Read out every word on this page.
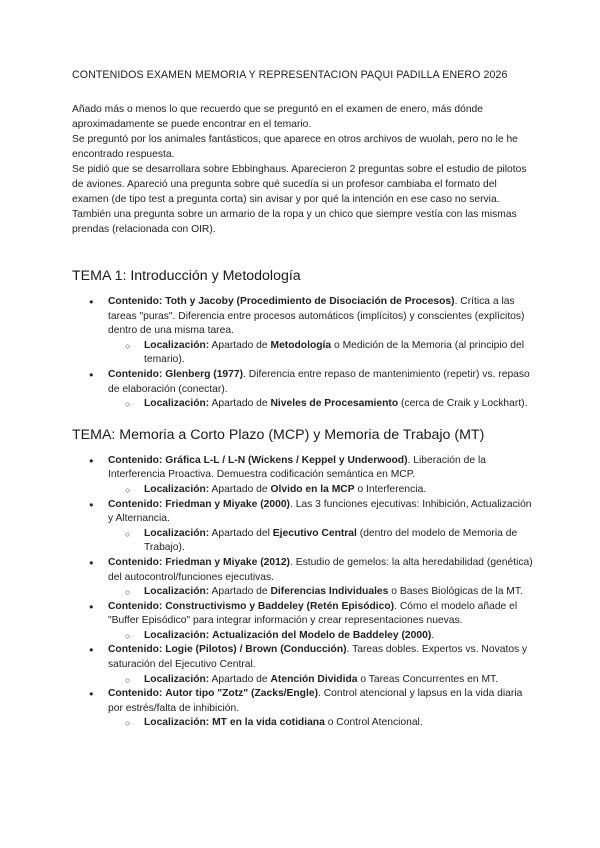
CONTENIDOS EXAMEN MEMORIA Y REPRESENTACION PAQUI PADILLA ENERO 2026

Añado más o menos lo que recuerdo que se preguntó en el examen de enero, más dónde aproximadamente se puede encontrar en el temario.

Se preguntó por los animales fantásticos, que aparece en otros archivos de wuolah, pero no le he encontrado respuesta.

Se pidió que se desarrollara sobre Ebbinghaus. Aparecieron 2 preguntas sobre el estudio de pilotos de aviones. Apareció una pregunta sobre qué sucedía si un profesor cambiaba el formato del examen (de tipo test a pregunta corta) sin avisar y por qué la intención en ese caso no servia. También una pregunta sobre un armario de la ropa y un chico que siempre vestía con las mismas prendas (relacionada con OIR).

TEMA 1: Introducción y Metodología
● Contenido: Toth y Jacoby (Procedimiento de Disociación de Procesos). Crítica a las tareas "puras". Diferencia entre procesos automáticos (implícitos) y conscientes (explícitos) dentro de una misma tarea.
○ Localización: Apartado de Metodología o Medición de la Memoria (al principio del temario).
● Contenido: Glenberg (1977). Diferencia entre repaso de mantenimiento (repetir) vs. repaso de elaboración (conectar).
○ Localización: Apartado de Niveles de Procesamiento (cerca de Craik y Lockhart).
TEMA: Memoria a Corto Plazo (MCP) y Memoria de Trabajo (MT)
● Contenido: Gráfica L-L / L-N (Wickens / Keppel y Underwood). Liberación de la Interferencia Proactiva. Demuestra codificación semántica en MCP.
○ Localización: Apartado de Olvido en la MCP o Interferencia.
● Contenido: Friedman y Miyake (2000). Las 3 funciones ejecutivas: Inhibición, Actualización y Alternancia.
○ Localización: Apartado del Ejecutivo Central (dentro del modelo de Memoria de Trabajo).
● Contenido: Friedman y Miyake (2012). Estudio de gemelos: la alta heredabilidad (genética) del autocontrol/funciones ejecutivas.
○ Localización: Apartado de Diferencias Individuales o Bases Biológicas de la MT.
● Contenido: Constructivismo y Baddeley (Retén Episódico). Cómo el modelo añade el "Buffer Episódico" para integrar información y crear representaciones nuevas.
○ Localización: Actualización del Modelo de Baddeley (2000).
● Contenido: Logie (Pilotos) / Brown (Conducción). Tareas dobles. Expertos vs. Novatos y saturación del Ejecutivo Central.
○ Localización: Apartado de Atención Dividida o Tareas Concurrentes en MT.
● Contenido: Autor tipo "Zotz" (Zacks/Engle). Control atencional y lapsus en la vida diaria por estrés/falta de inhibición.
○ Localización: MT en la vida cotidiana o Control Atencional.
